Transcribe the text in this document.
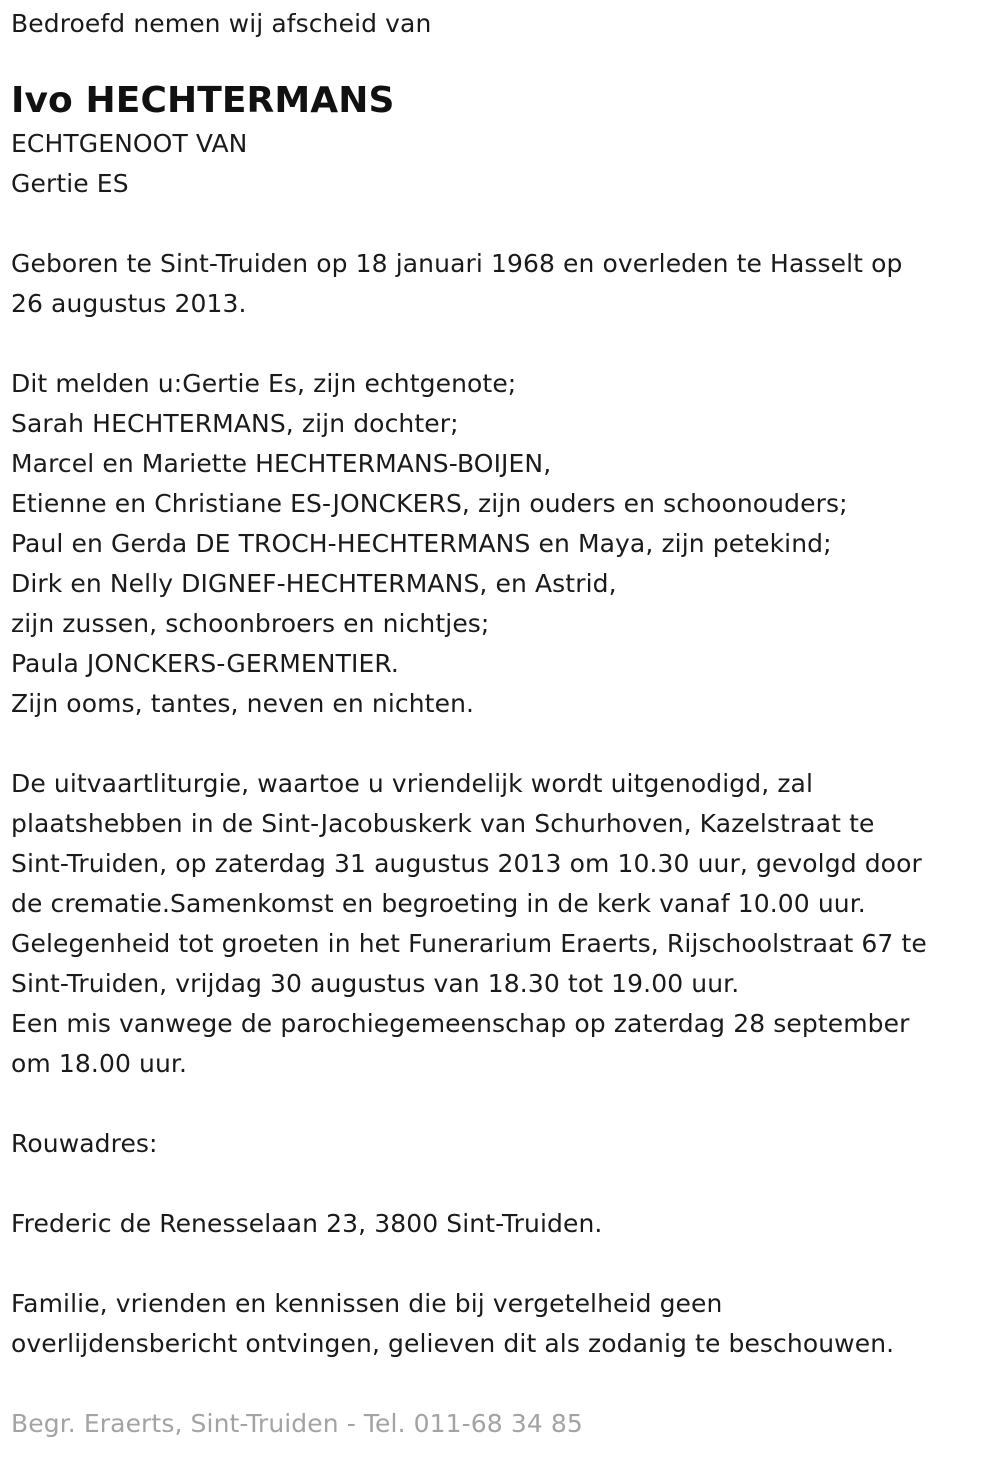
Bedroefd nemen wij afscheid van
Ivo HECHTERMANS
ECHTGENOOT VAN
Gertie ES
Geboren te Sint-Truiden op 18 januari 1968 en overleden te Hasselt op
26 augustus 2013.
Dit melden u:Gertie Es, zijn echtgenote;
Sarah HECHTERMANS, zijn dochter;
Marcel en Mariette HECHTERMANS-BOIJEN,
Etienne en Christiane ES-JONCKERS, zijn ouders en schoonouders;
Paul en Gerda DE TROCH-HECHTERMANS en Maya, zijn petekind;
Dirk en Nelly DIGNEF-HECHTERMANS, en Astrid,
zijn zussen, schoonbroers en nichtjes;
Paula JONCKERS-GERMENTIER.
Zijn ooms, tantes, neven en nichten.
De uitvaartliturgie, waartoe u vriendelijk wordt uitgenodigd, zal
plaatshebben in de Sint-Jacobuskerk van Schurhoven, Kazelstraat te
Sint-Truiden, op zaterdag 31 augustus 2013 om 10.30 uur, gevolgd door
de crematie.Samenkomst en begroeting in de kerk vanaf 10.00 uur.
Gelegenheid tot groeten in het Funerarium Eraerts, Rijschoolstraat 67 te
Sint-Truiden, vrijdag 30 augustus van 18.30 tot 19.00 uur.
Een mis vanwege de parochiegemeenschap op zaterdag 28 september
om 18.00 uur.
Rouwadres:
Frederic de Renesselaan 23, 3800 Sint-Truiden.
Familie, vrienden en kennissen die bij vergetelheid geen
overlijdensbericht ontvingen, gelieven dit als zodanig te beschouwen.
Begr. Eraerts, Sint-Truiden - Tel. 011-68 34 85
